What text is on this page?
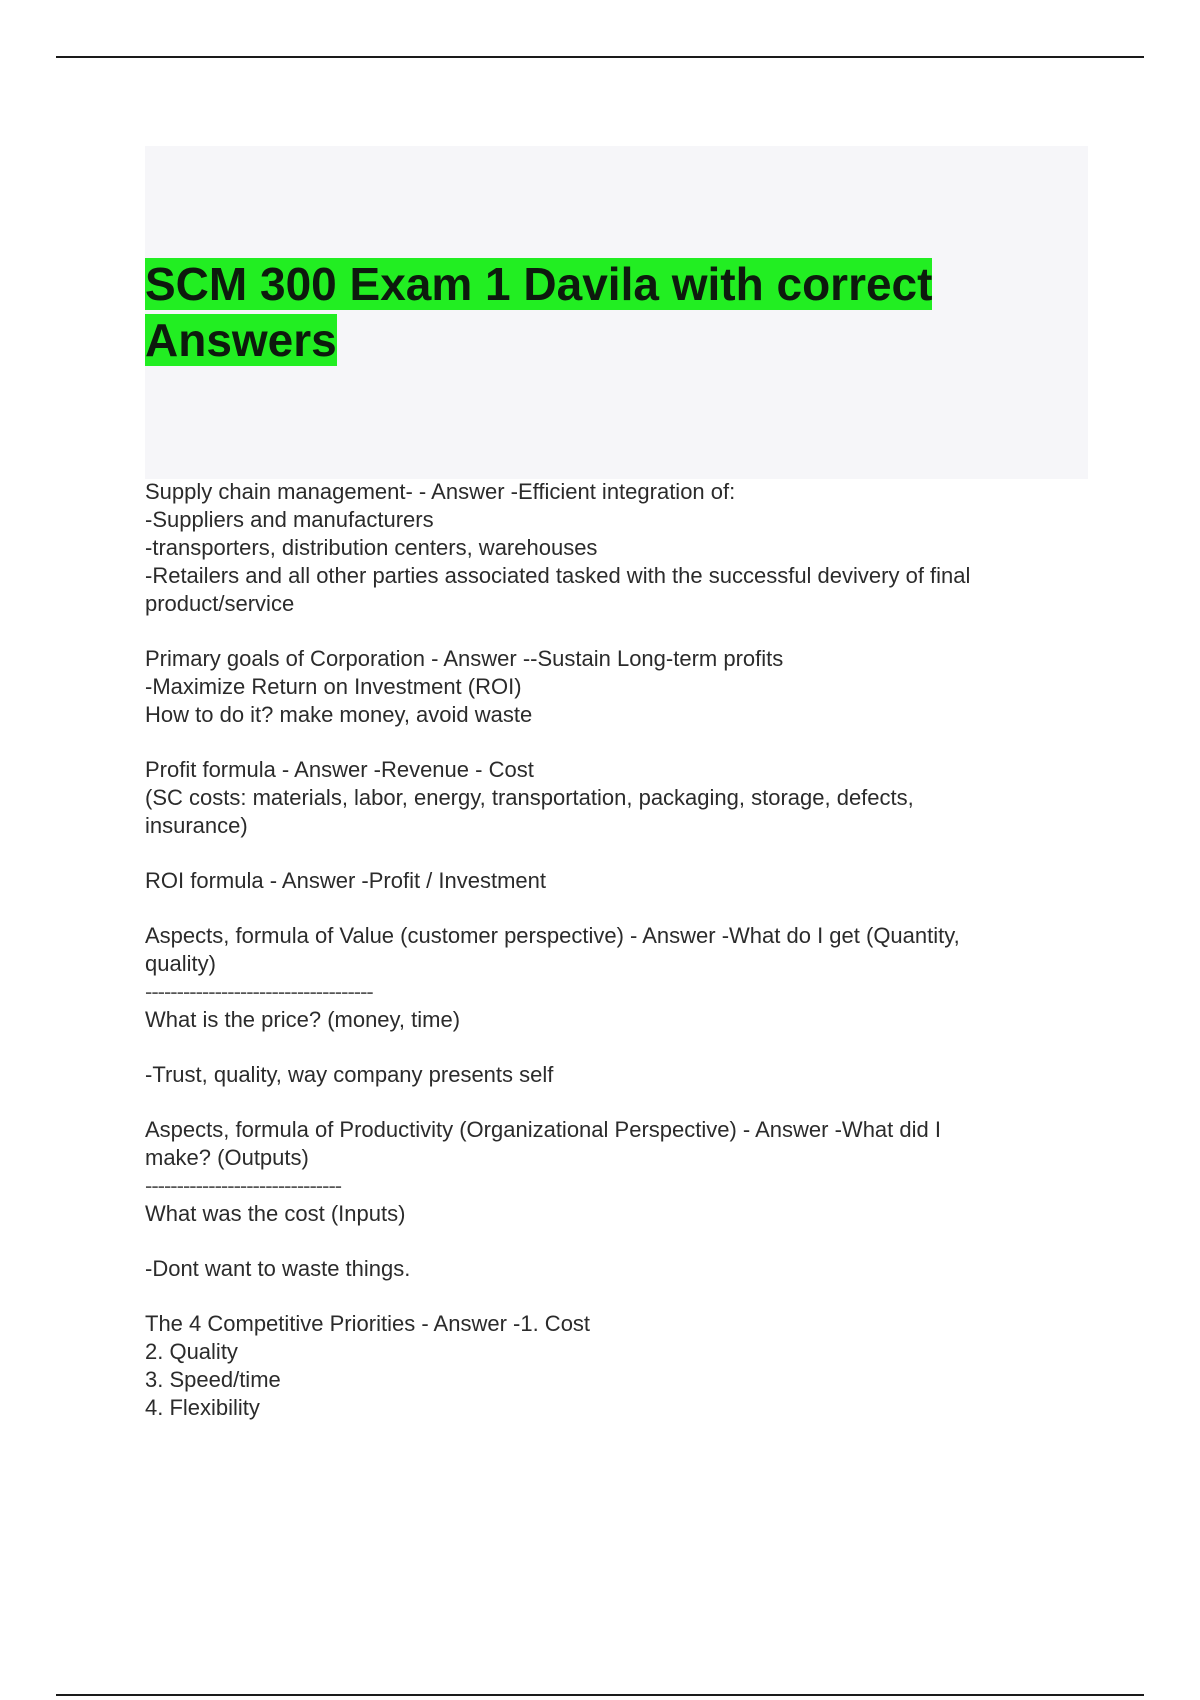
SCM 300 Exam 1 Davila with correct Answers
Supply chain management- - Answer -Efficient integration of:
-Suppliers and manufacturers
-transporters, distribution centers, warehouses
-Retailers and all other parties associated tasked with the successful devivery of final
product/service
Primary goals of Corporation - Answer --Sustain Long-term profits
-Maximize Return on Investment (ROI)
How to do it? make money, avoid waste
Profit formula - Answer -Revenue - Cost
(SC costs: materials, labor, energy, transportation, packaging, storage, defects,
insurance)
ROI formula - Answer -Profit / Investment
Aspects, formula of Value (customer perspective) - Answer -What do I get (Quantity,
quality)
------------------------------------
What is the price? (money, time)
-Trust, quality, way company presents self
Aspects, formula of Productivity (Organizational Perspective) - Answer -What did I
make? (Outputs)
-------------------------------
What was the cost (Inputs)
-Dont want to waste things.
The 4 Competitive Priorities - Answer -1. Cost
2. Quality
3. Speed/time
4. Flexibility
